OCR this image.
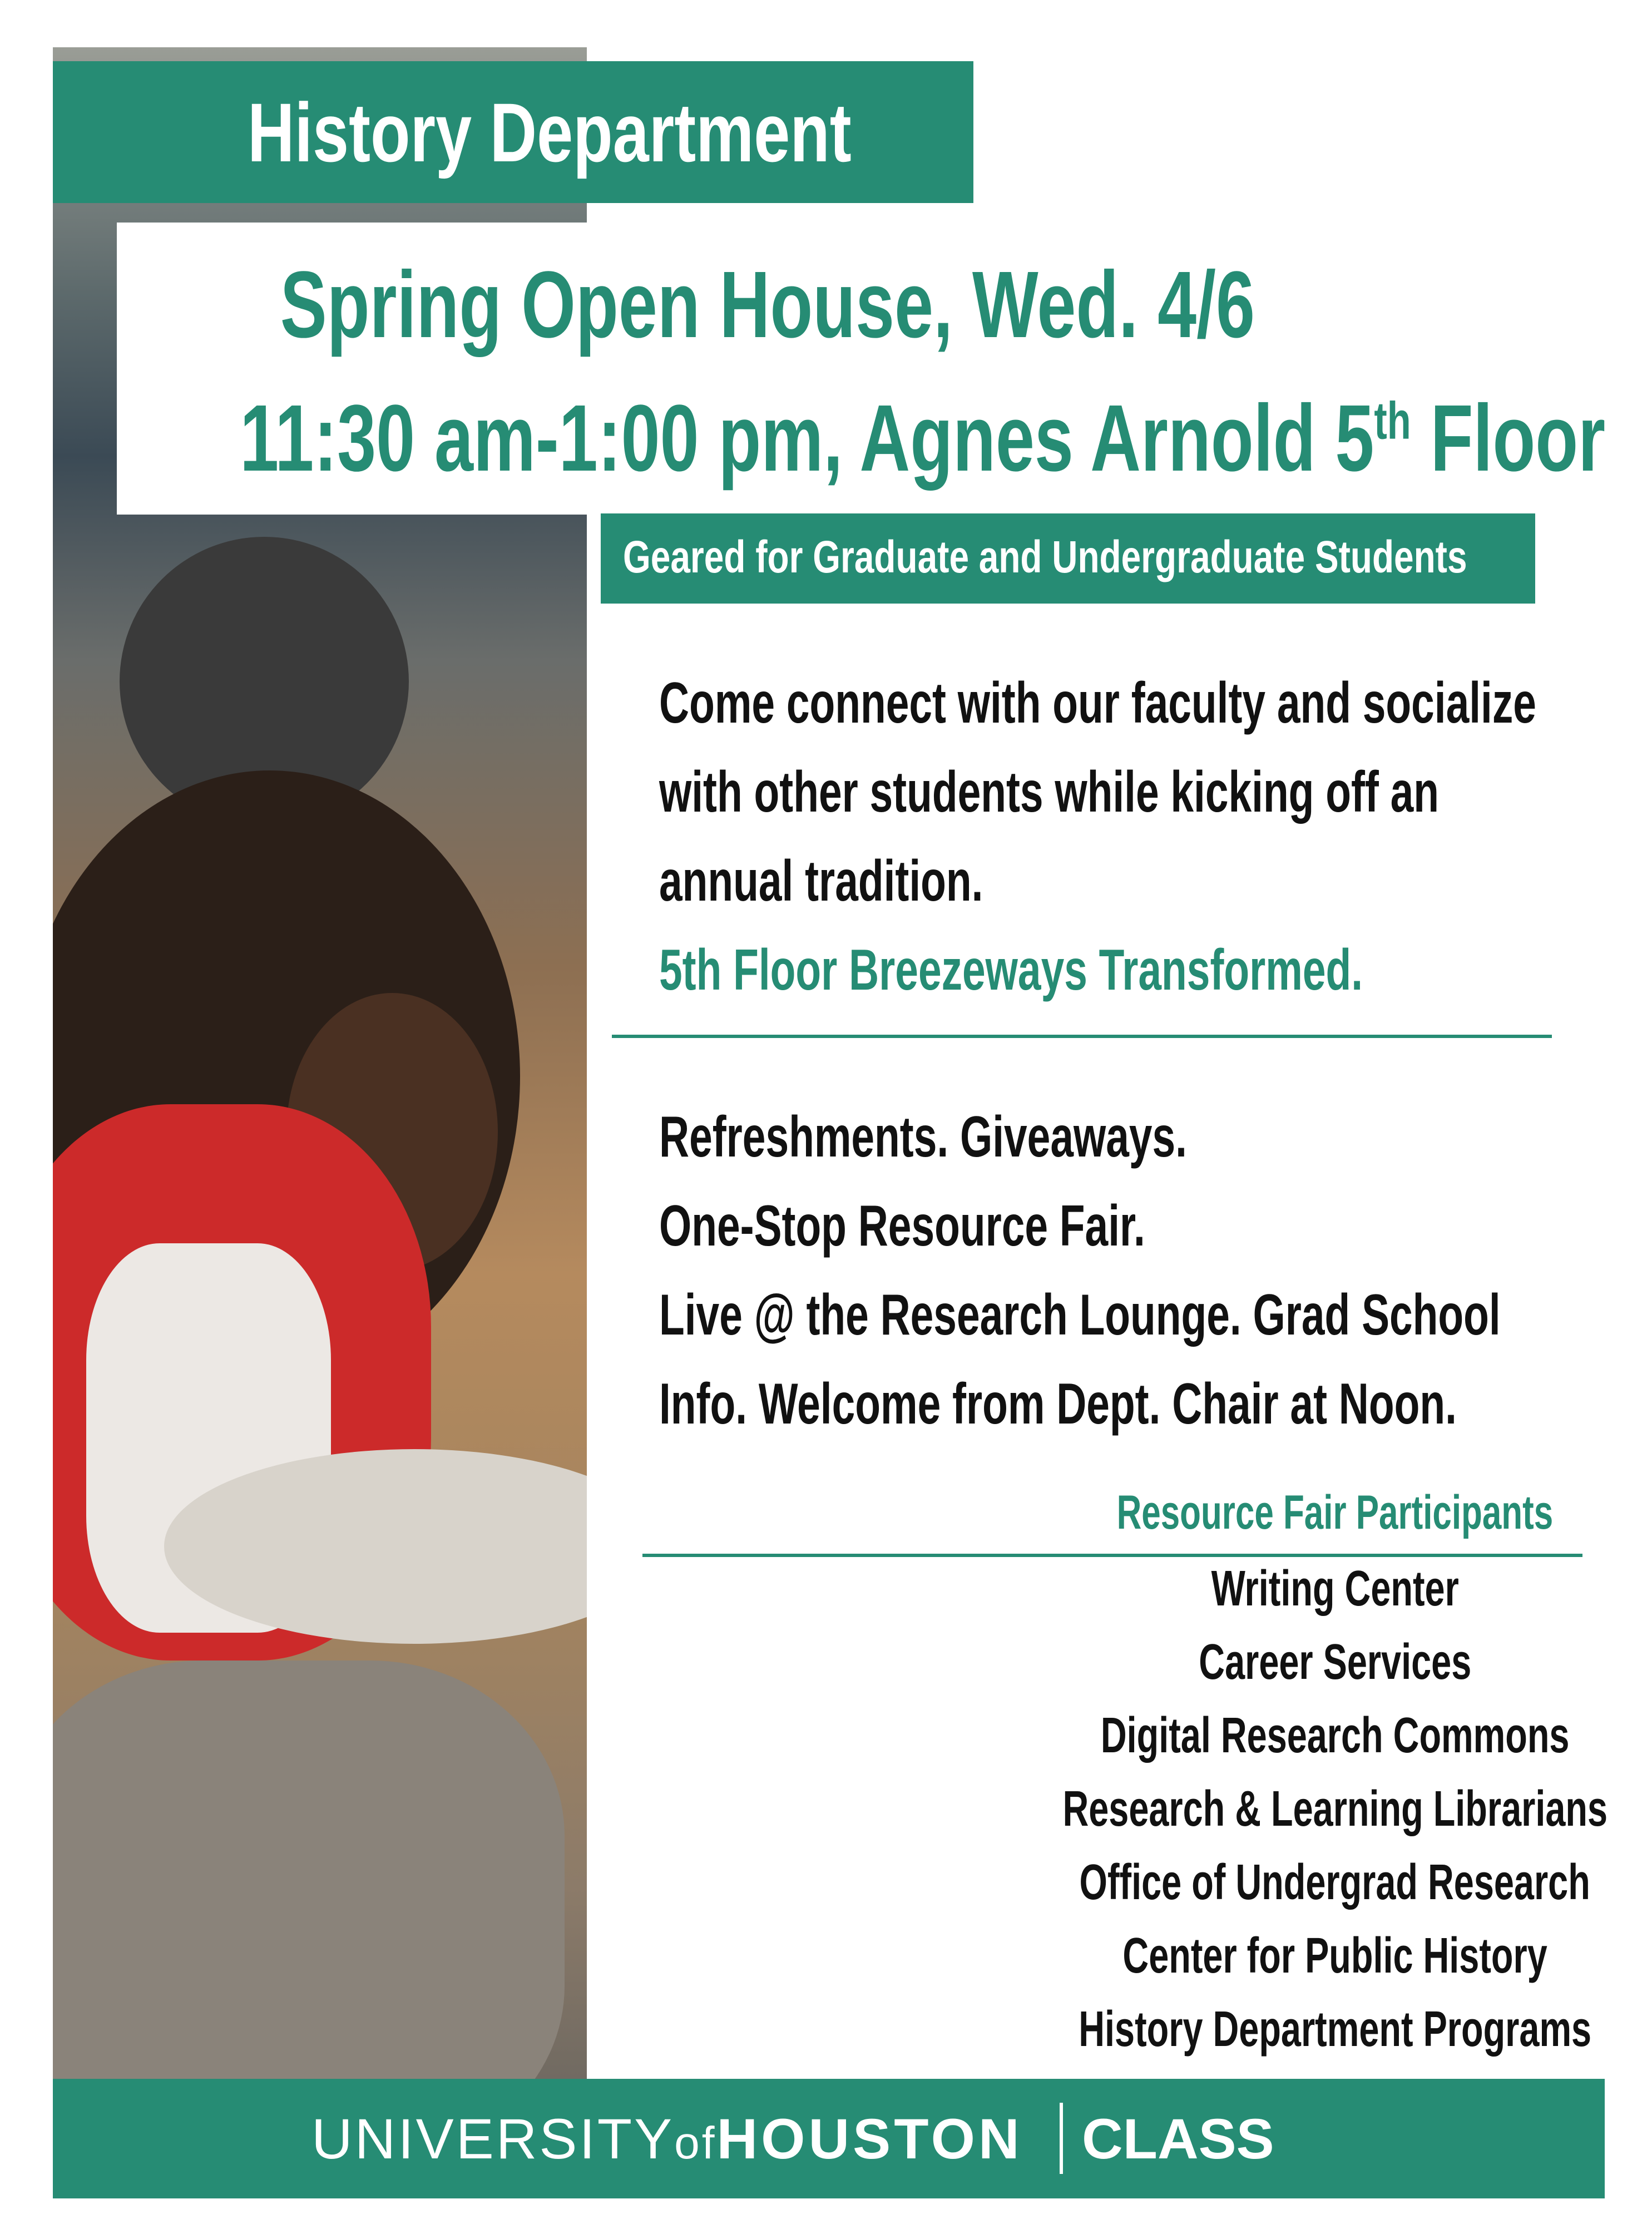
History Department
Spring Open House, Wed. 4/6
11:30 am-1:00 pm, Agnes Arnold 5th Floor
Geared for Graduate and Undergraduate Students
Come connect with our faculty and socialize
with other students while kicking off an
annual tradition.
5th Floor Breezeways Transformed.
Refreshments. Giveaways.
One-Stop Resource Fair.
Live @ the Research Lounge. Grad School
Info. Welcome from Dept. Chair at Noon.
Resource Fair Participants
Writing Center
Career Services
Digital Research Commons
Research & Learning Librarians
Office of Undergrad Research
Center for Public History
History Department Programs
UNIVERSITYofHOUSTON CLASS
